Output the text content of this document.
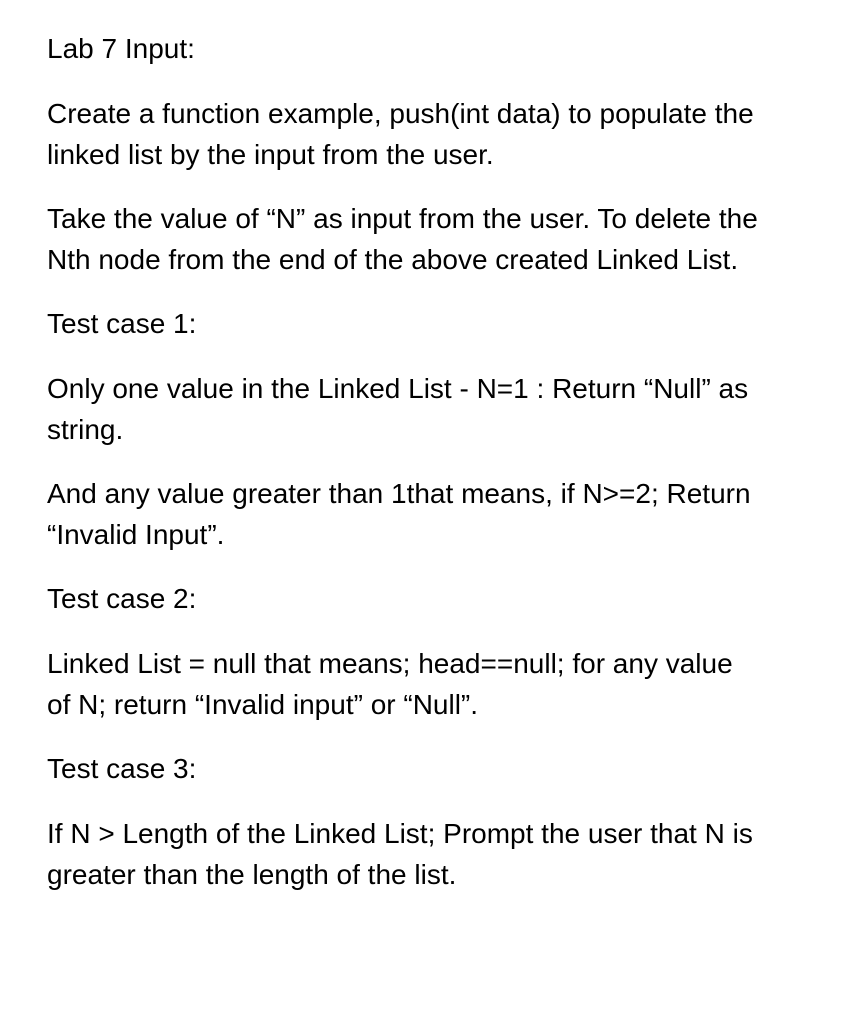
Lab 7 Input:

Create a function example, push(int data) to populate the
linked list by the input from the user.

Take the value of “N” as input from the user. To delete the
Nth node from the end of the above created Linked List.

Test case 1:

Only one value in the Linked List - N=1 : Return “Null” as
string.

And any value greater than 1that means, if N>=2; Return
“Invalid Input”.

Test case 2:

Linked List = null that means; head==null; for any value
of N; return “Invalid input” or “Null”.

Test case 3:

If N > Length of the Linked List; Prompt the user that N is
greater than the length of the list.
